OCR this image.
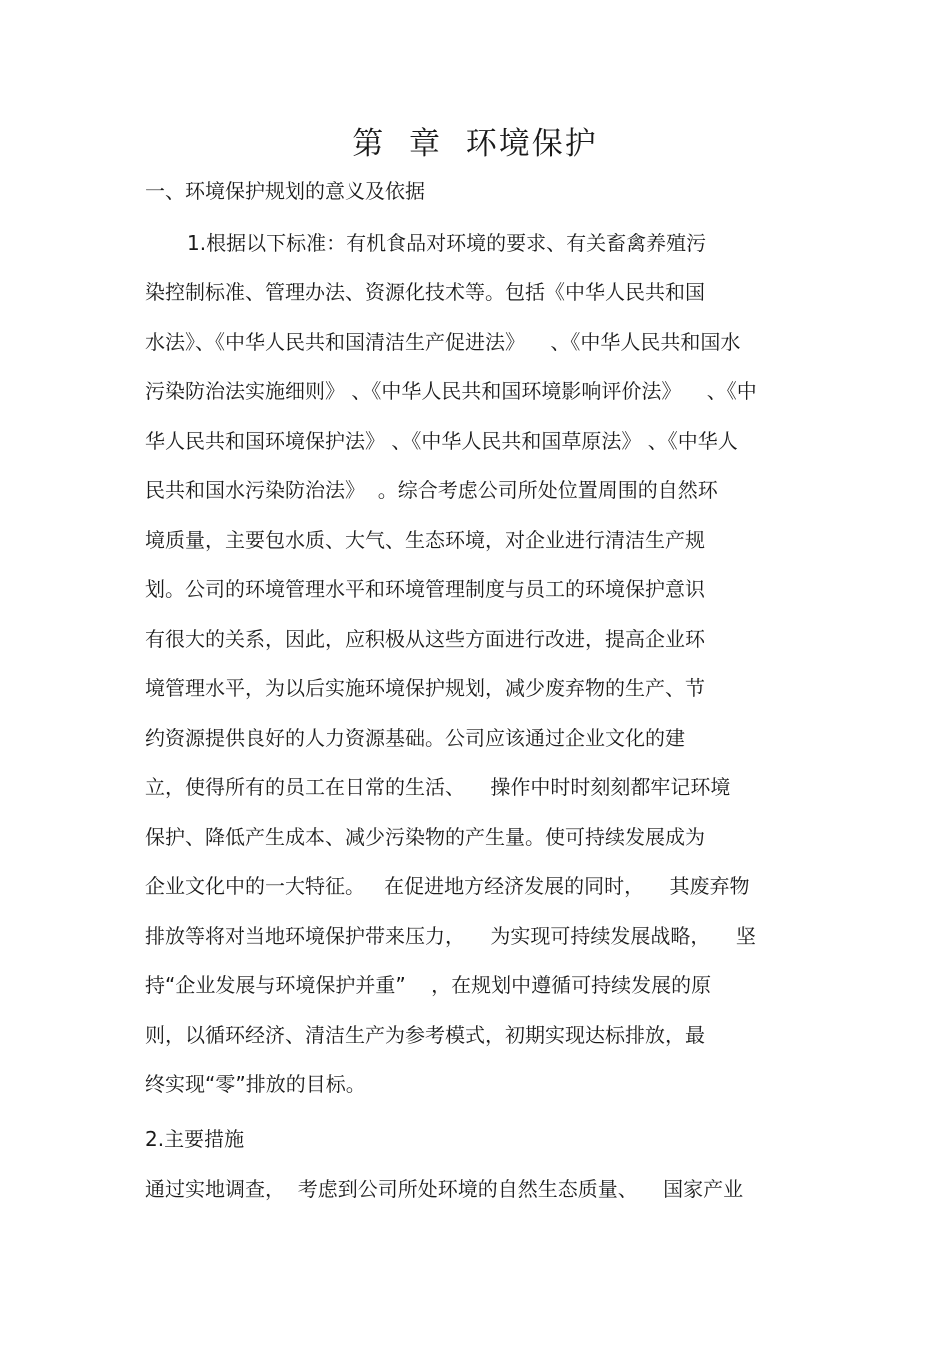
第  章  环境保护
一、环境保护规划的意义及依据
1.根据以下标准：有机食品对环境的要求、有关畜禽养殖污
染控制标准、管理办法、资源化技术等。包括《中华人民共和国
水法》、《中华人民共和国清洁生产促进法》    、《中华人民共和国水
污染防治法实施细则》 、《中华人民共和国环境影响评价法》    、《中
华人民共和国环境保护法》 、《中华人民共和国草原法》 、《中华人
民共和国水污染防治法》  。综合考虑公司所处位置周围的自然环
境质量，主要包水质、大气、生态环境，对企业进行清洁生产规
划。公司的环境管理水平和环境管理制度与员工的环境保护意识
有很大的关系，因此，应积极从这些方面进行改进，提高企业环
境管理水平，为以后实施环境保护规划，减少废弃物的生产、节
约资源提供良好的人力资源基础。公司应该通过企业文化的建
立，使得所有的员工在日常的生活、    操作中时时刻刻都牢记环境
保护、降低产生成本、减少污染物的产生量。使可持续发展成为
企业文化中的一大特征。   在促进地方经济发展的同时，    其废弃物
排放等将对当地环境保护带来压力，    为实现可持续发展战略，    坚
持“企业发展与环境保护并重”    ，在规划中遵循可持续发展的原
则，以循环经济、清洁生产为参考模式，初期实现达标排放，最
终实现“零”排放的目标。
2.主要措施
通过实地调查，  考虑到公司所处环境的自然生态质量、    国家产业
